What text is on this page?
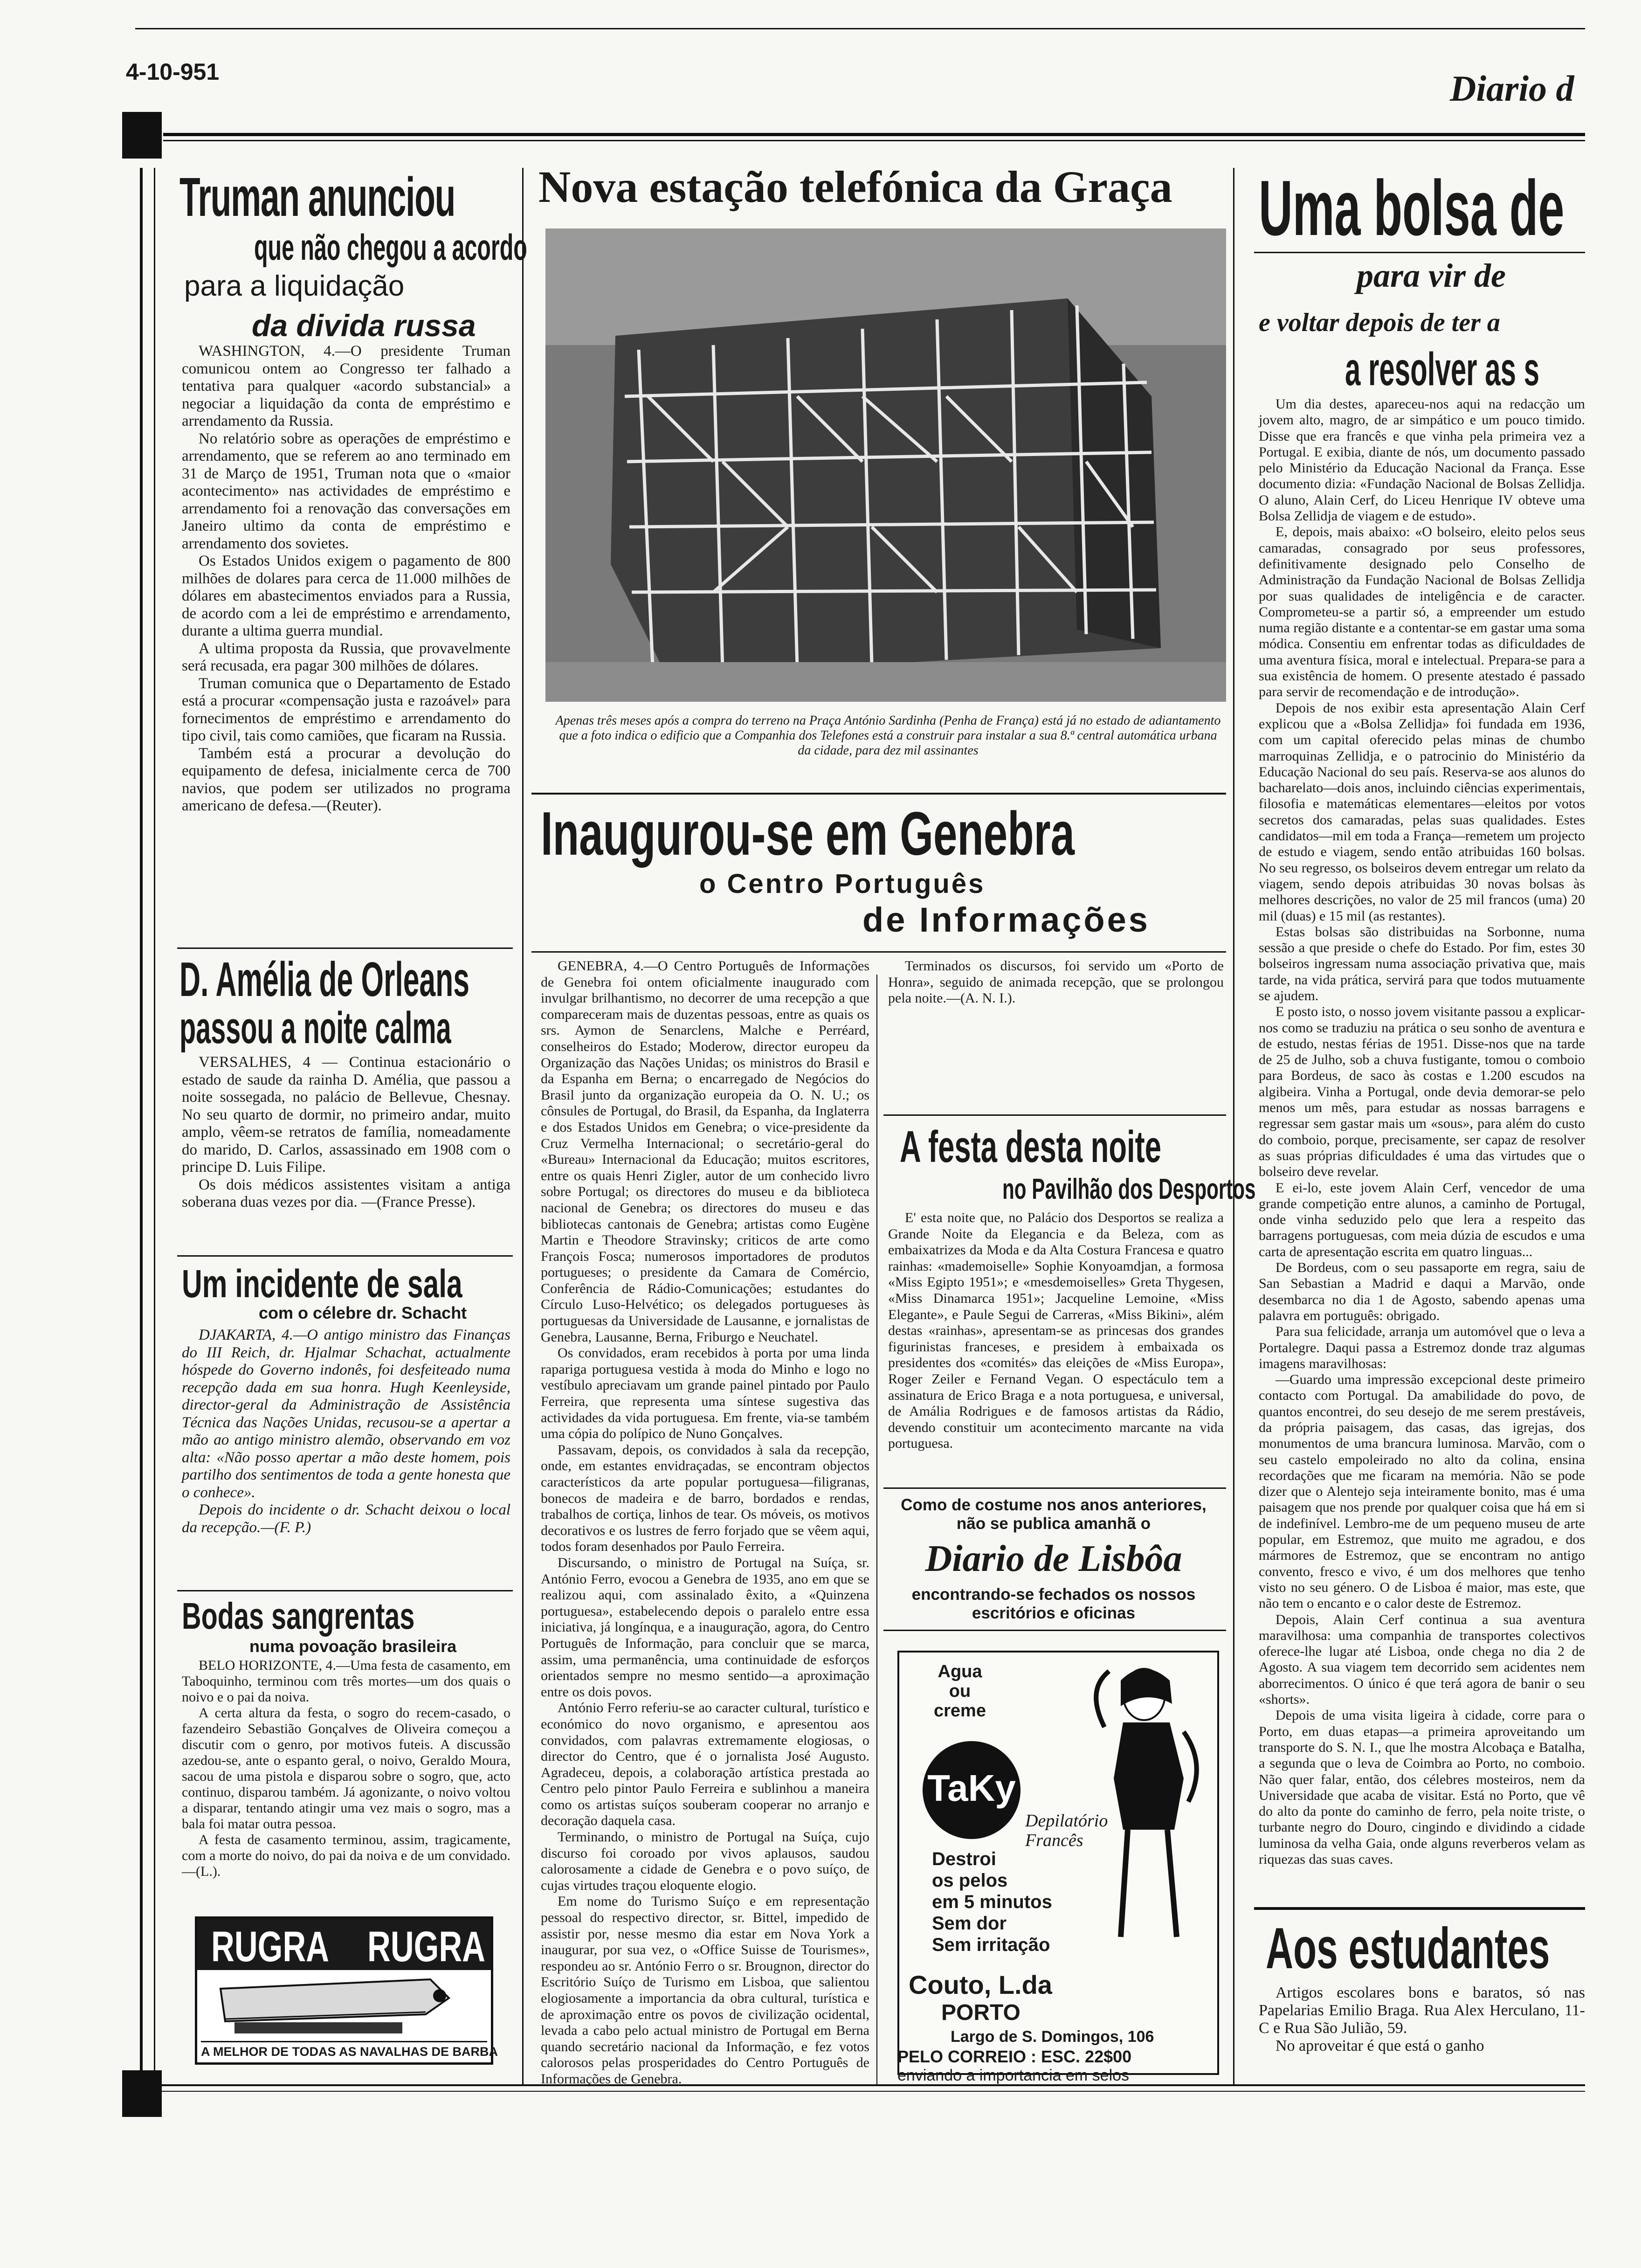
4-10-951	Diario d
Truman anunciou
que não chegou a acordo
para a liquidação
da divida russa

WASHINGTON, 4.—O presidente Truman comunicou ontem ao Congresso ter falhado a tentativa para qualquer «acordo substancial» a negociar a liquidação da conta de empréstimo e arrendamento da Russia.

No relatório sobre as operações de empréstimo e arrendamento, que se referem ao ano terminado em 31 de Março de 1951, Truman nota que o «maior acontecimento» nas actividades de empréstimo e arrendamento foi a renovação das conversações em Janeiro ultimo da conta de empréstimo e arrendamento dos sovietes.

Os Estados Unidos exigem o pagamento de 800 milhões de dolares para cerca de 11.000 milhões de dólares em abastecimentos enviados para a Russia, de acordo com a lei de empréstimo e arrendamento, durante a ultima guerra mundial.

A ultima proposta da Russia, que provavelmente será recusada, era pagar 300 milhões de dólares.

Truman comunica que o Departamento de Estado está a procurar «compensação justa e razoável» para fornecimentos de empréstimo e arrendamento do tipo civil, tais como camiões, que ficaram na Russia.

Também está a procurar a devolução do equipamento de defesa, inicialmente cerca de 700 navios, que podem ser utilizados no programa americano de defesa.—(Reuter).

D. Amélia de Orleans
passou a noite calma

VERSALHES, 4 — Continua estacionário o estado de saude da rainha D. Amélia, que passou a noite sossegada, no palácio de Bellevue, Chesnay. No seu quarto de dormir, no primeiro andar, muito amplo, vêem-se retratos de família, nomeadamente do marido, D. Carlos, assassinado em 1908 com o principe D. Luis Filipe.

Os dois médicos assistentes visitam a antiga soberana duas vezes por dia. —(France Presse).

Um incidente de sala
com o célebre dr. Schacht

DJAKARTA, 4.—O antigo ministro das Finanças do III Reich, dr. Hjalmar Schachat, actualmente hóspede do Governo indonês, foi desfeiteado numa recepção dada em sua honra. Hugh Keenleyside, director-geral da Administração de Assistência Técnica das Nações Unidas, recusou-se a apertar a mão ao antigo ministro alemão, observando em voz alta: «Não posso apertar a mão deste homem, pois partilho dos sentimentos de toda a gente honesta que o conhece».

Depois do incidente o dr. Schacht deixou o local da recepção.—(F. P.)

Bodas sangrentas
numa povoação brasileira

BELO HORIZONTE, 4.—Uma festa de casamento, em Taboquinho, terminou com três mortes—um dos quais o noivo e o pai da noiva.

A certa altura da festa, o sogro do recem-casado, o fazendeiro Sebastião Gonçalves de Oliveira começou a discutir com o genro, por motivos futeis. A discussão azedou-se, ante o espanto geral, o noivo, Geraldo Moura, sacou de uma pistola e disparou sobre o sogro, que, acto continuo, disparou também. Já agonizante, o noivo voltou a disparar, tentando atingir uma vez mais o sogro, mas a bala foi matar outra pessoa.

A festa de casamento terminou, assim, tragicamente, com a morte do noivo, do pai da noiva e de um convidado.—(L.).

RUGRA RUGRA
A MELHOR DE TODAS AS NAVALHAS DE BARBA
Nova estação telefónica da Graça
Apenas três meses após a compra do terreno na Praça António Sardinha (Penha de França) está já no estado de adiantamento que a foto indica o edificio que a Companhia dos Telefones está a construir para instalar a sua 8.ª central automática urbana da cidade, para dez mil assinantes
Inaugurou-se em Genebra
o Centro Português
de Informações

GENEBRA, 4.—O Centro Português de Informações de Genebra foi ontem oficialmente inaugurado com invulgar brilhantismo, no decorrer de uma recepção a que compareceram mais de duzentas pessoas, entre as quais os srs. Aymon de Senarclens, Malche e Perréard, conselheiros do Estado; Moderow, director europeu da Organização das Nações Unidas; os ministros do Brasil e da Espanha em Berna; o encarregado de Negócios do Brasil junto da organização europeia da O. N. U.; os cônsules de Portugal, do Brasil, da Espanha, da Inglaterra e dos Estados Unidos em Genebra; o vice-presidente da Cruz Vermelha Internacional; o secretário-geral do «Bureau» Internacional da Educação; muitos escritores, entre os quais Henri Zigler, autor de um conhecido livro sobre Portugal; os directores do museu e da biblioteca nacional de Genebra; os directores do museu e das bibliotecas cantonais de Genebra; artistas como Eugène Martin e Theodore Stravinsky; criticos de arte como François Fosca; numerosos importadores de produtos portugueses; o presidente da Camara de Comércio, Conferência de Rádio-Comunicações; estudantes do Círculo Luso-Helvético; os delegados portugueses às portuguesas da Universidade de Lausanne, e jornalistas de Genebra, Lausanne, Berna, Friburgo e Neuchatel.

Os convidados, eram recebidos à porta por uma linda rapariga portuguesa vestida à moda do Minho e logo no vestíbulo apreciavam um grande painel pintado por Paulo Ferreira, que representa uma síntese sugestiva das actividades da vida portuguesa. Em frente, via-se também uma cópia do polípico de Nuno Gonçalves.

Passavam, depois, os convidados à sala da recepção, onde, em estantes envidraçadas, se encontram objectos característicos da arte popular portuguesa—filigranas, bonecos de madeira e de barro, bordados e rendas, trabalhos de cortiça, linhos de tear. Os móveis, os motivos decorativos e os lustres de ferro forjado que se vêem aqui, todos foram desenhados por Paulo Ferreira.

Discursando, o ministro de Portugal na Suíça, sr. António Ferro, evocou a Genebra de 1935, ano em que se realizou aqui, com assinalado êxito, a «Quinzena portuguesa», estabelecendo depois o paralelo entre essa iniciativa, já longínqua, e a inauguração, agora, do Centro Português de Informação, para concluir que se marca, assim, uma permanência, uma continuidade de esforços orientados sempre no mesmo sentido—a aproximação entre os dois povos.

António Ferro referiu-se ao caracter cultural, turístico e económico do novo organismo, e apresentou aos convidados, com palavras extremamente elogiosas, o director do Centro, que é o jornalista José Augusto. Agradeceu, depois, a colaboração artística prestada ao Centro pelo pintor Paulo Ferreira e sublinhou a maneira como os artistas suíços souberam cooperar no arranjo e decoração daquela casa.

Terminando, o ministro de Portugal na Suíça, cujo discurso foi coroado por vivos aplausos, saudou calorosamente a cidade de Genebra e o povo suíço, de cujas virtudes traçou eloquente elogio.

Em nome do Turismo Suíço e em representação pessoal do respectivo director, sr. Bittel, impedido de assistir por, nesse mesmo dia estar em Nova York a inaugurar, por sua vez, o «Office Suisse de Tourismes», respondeu ao sr. António Ferro o sr. Brougnon, director do Escritório Suíço de Turismo em Lisboa, que salientou elogiosamente a importancia da obra cultural, turística e de aproximação entre os povos de civilização ocidental, levada a cabo pelo actual ministro de Portugal em Berna quando secretário nacional da Informação, e fez votos calorosos pelas prosperidades do Centro Português de Informações de Genebra.

Terminados os discursos, foi servido um «Porto de Honra», seguido de animada recepção, que se prolongou pela noite.—(A. N. I.).

A festa desta noite
no Pavilhão dos Desportos

E' esta noite que, no Palácio dos Desportos se realiza a Grande Noite da Elegancia e da Beleza, com as embaixatrizes da Moda e da Alta Costura Francesa e quatro rainhas: «mademoiselle» Sophie Konyoamdjan, a formosa «Miss Egipto 1951»; e «mesdemoiselles» Greta Thygesen, «Miss Dinamarca 1951»; Jacqueline Lemoine, «Miss Elegante», e Paule Segui de Carreras, «Miss Bikini», além destas «rainhas», apresentam-se as princesas dos grandes figurinistas franceses, e presidem à embaixada os presidentes dos «comités» das eleições de «Miss Europa», Roger Zeiler e Fernand Vegan. O espectáculo tem a assinatura de Erico Braga e a nota portuguesa, e universal, de Amália Rodrigues e de famosos artistas da Rádio, devendo constituir um acontecimento marcante na vida portuguesa.

Como de costume nos anos anteriores, não se publica amanhã o
Diario de Lisbôa
encontrando-se fechados os nossos escritórios e oficinas
Agua ou creme
TaKy
Depilatório Francês
Destroi
os pelos
em 5 minutos
Sem dor
Sem irritação
Couto, L.da
PORTO
Largo de S. Domingos, 106
PELO CORREIO : ESC. 22$00
enviando a importancia em selos
Uma bolsa de
para vir de
e voltar depois de ter a
a resolver as s

Um dia destes, apareceu-nos aqui na redacção um jovem alto, magro, de ar simpático e um pouco timido. Disse que era francês e que vinha pela primeira vez a Portugal. E exibia, diante de nós, um documento passado pelo Ministério da Educação Nacional da França. Esse documento dizia: «Fundação Nacional de Bolsas Zellidja. O aluno, Alain Cerf, do Liceu Henrique IV obteve uma Bolsa Zellidja de viagem e de estudo».

E, depois, mais abaixo: «O bolseiro, eleito pelos seus camaradas, consagrado por seus professores, definitivamente designado pelo Conselho de Administração da Fundação Nacional de Bolsas Zellidja por suas qualidades de inteligência e de caracter. Comprometeu-se a partir só, a empreender um estudo numa região distante e a contentar-se em gastar uma soma módica. Consentiu em enfrentar todas as dificuldades de uma aventura física, moral e intelectual. Prepara-se para a sua existência de homem. O presente atestado é passado para servir de recomendação e de introdução».

Depois de nos exibir esta apresentação Alain Cerf explicou que a «Bolsa Zellidja» foi fundada em 1936, com um capital oferecido pelas minas de chumbo marroquinas Zellidja, e o patrocinio do Ministério da Educação Nacional do seu país. Reserva-se aos alunos do bacharelato—dois anos, incluindo ciências experimentais, filosofia e matemáticas elementares—eleitos por votos secretos dos camaradas, pelas suas qualidades. Estes candidatos—mil em toda a França—remetem um projecto de estudo e viagem, sendo então atribuidas 160 bolsas. No seu regresso, os bolseiros devem entregar um relato da viagem, sendo depois atribuidas 30 novas bolsas às melhores descrições, no valor de 25 mil francos (uma) 20 mil (duas) e 15 mil (as restantes).

Estas bolsas são distribuidas na Sorbonne, numa sessão a que preside o chefe do Estado. Por fim, estes 30 bolseiros ingressam numa associação privativa que, mais tarde, na vida prática, servirá para que todos mutuamente se ajudem.

E posto isto, o nosso jovem visitante passou a explicar-nos como se traduziu na prática o seu sonho de aventura e de estudo, nestas férias de 1951. Disse-nos que na tarde de 25 de Julho, sob a chuva fustigante, tomou o comboio para Bordeus, de saco às costas e 1.200 escudos na algibeira. Vinha a Portugal, onde devia demorar-se pelo menos um mês, para estudar as nossas barragens e regressar sem gastar mais um «sous», para além do custo do comboio, porque, precisamente, ser capaz de resolver as suas próprias dificuldades é uma das virtudes que o bolseiro deve revelar.

E ei-lo, este jovem Alain Cerf, vencedor de uma grande competição entre alunos, a caminho de Portugal, onde vinha seduzido pelo que lera a respeito das barragens portuguesas, com meia dúzia de escudos e uma carta de apresentação escrita em quatro linguas...

De Bordeus, com o seu passaporte em regra, saiu de San Sebastian a Madrid e daqui a Marvão, onde desembarca no dia 1 de Agosto, sabendo apenas uma palavra em português: obrigado.

Para sua felicidade, arranja um automóvel que o leva a Portalegre. Daqui passa a Estremoz donde traz algumas imagens maravilhosas:

—Guardo uma impressão excepcional deste primeiro contacto com Portugal. Da amabilidade do povo, de quantos encontrei, do seu desejo de me serem prestáveis, da própria paisagem, das casas, das igrejas, dos monumentos de uma brancura luminosa. Marvão, com o seu castelo empoleirado no alto da colina, ensina recordações que me ficaram na memória. Não se pode dizer que o Alentejo seja inteiramente bonito, mas é uma paisagem que nos prende por qualquer coisa que há em si de indefinível. Lembro-me de um pequeno museu de arte popular, em Estremoz, que muito me agradou, e dos mármores de Estremoz, que se encontram no antigo convento, fresco e vivo, é um dos melhores que tenho visto no seu género. O de Lisboa é maior, mas este, que não tem o encanto e o calor deste de Estremoz.

Depois, Alain Cerf continua a sua aventura maravilhosa: uma companhia de transportes colectivos oferece-lhe lugar até Lisboa, onde chega no dia 2 de Agosto. A sua viagem tem decorrido sem acidentes nem aborrecimentos. O único é que terá agora de banir o seu «shorts».

Depois de uma visita ligeira à cidade, corre para o Porto, em duas etapas—a primeira aproveitando um transporte do S. N. I., que lhe mostra Alcobaça e Batalha, a segunda que o leva de Coimbra ao Porto, no comboio. Não quer falar, então, dos célebres mosteiros, nem da Universidade que acaba de visitar. Está no Porto, que vê do alto da ponte do caminho de ferro, pela noite triste, o turbante negro do Douro, cingindo e dividindo a cidade luminosa da velha Gaia, onde alguns reverberos velam as riquezas das suas caves.

Aos estudantes

Artigos escolares bons e baratos, só nas Papelarias Emilio Braga. Rua Alex Herculano, 11-C e Rua São Julião, 59.

No aproveitar é que está o ganho
